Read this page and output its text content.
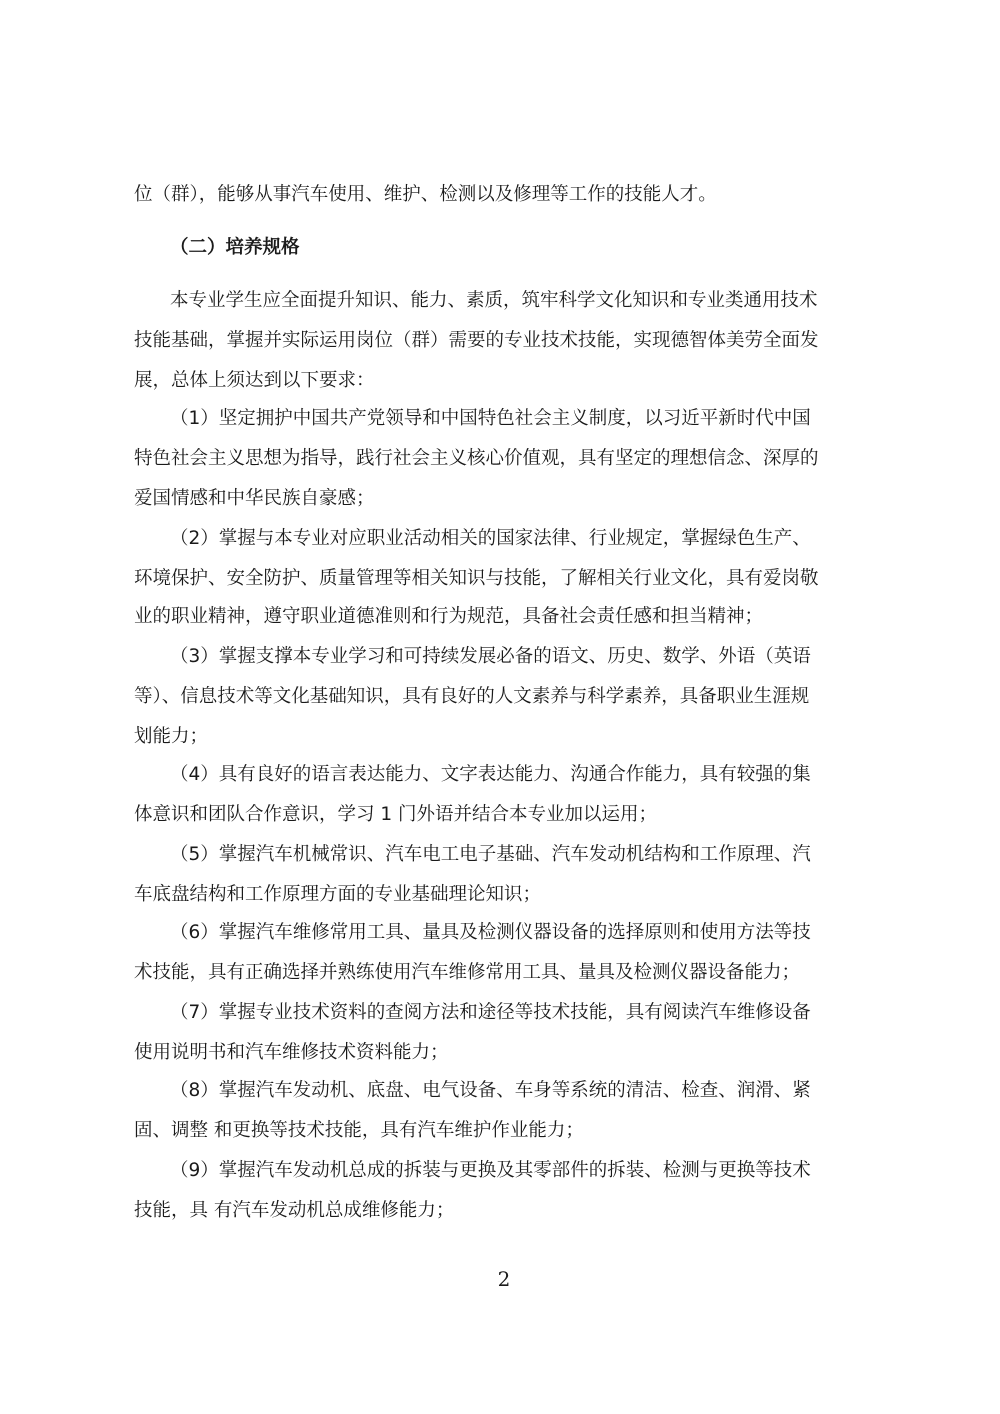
位（群），能够从事汽车使用、维护、检测以及修理等工作的技能人才。
（二）培养规格
本专业学生应全面提升知识、能力、素质，筑牢科学文化知识和专业类通用技术
技能基础，掌握并实际运用岗位（群）需要的专业技术技能，实现德智体美劳全面发
展，总体上须达到以下要求：
（1）坚定拥护中国共产党领导和中国特色社会主义制度，以习近平新时代中国
特色社会主义思想为指导，践行社会主义核心价值观，具有坚定的理想信念、深厚的
爱国情感和中华民族自豪感；
（2）掌握与本专业对应职业活动相关的国家法律、行业规定，掌握绿色生产、
环境保护、安全防护、质量管理等相关知识与技能，了解相关行业文化，具有爱岗敬
业的职业精神，遵守职业道德准则和行为规范，具备社会责任感和担当精神；
（3）掌握支撑本专业学习和可持续发展必备的语文、历史、数学、外语（英语
等）、信息技术等文化基础知识，具有良好的人文素养与科学素养，具备职业生涯规
划能力；
（4）具有良好的语言表达能力、文字表达能力、沟通合作能力，具有较强的集
体意识和团队合作意识，学习 1 门外语并结合本专业加以运用；
（5）掌握汽车机械常识、汽车电工电子基础、汽车发动机结构和工作原理、汽
车底盘结构和工作原理方面的专业基础理论知识；
（6）掌握汽车维修常用工具、量具及检测仪器设备的选择原则和使用方法等技
术技能，具有正确选择并熟练使用汽车维修常用工具、量具及检测仪器设备能力；
（7）掌握专业技术资料的查阅方法和途径等技术技能，具有阅读汽车维修设备
使用说明书和汽车维修技术资料能力；
（8）掌握汽车发动机、底盘、电气设备、车身等系统的清洁、检查、润滑、紧
固、调整 和更换等技术技能，具有汽车维护作业能力；
（9）掌握汽车发动机总成的拆装与更换及其零部件的拆装、检测与更换等技术
技能，具 有汽车发动机总成维修能力；
2
